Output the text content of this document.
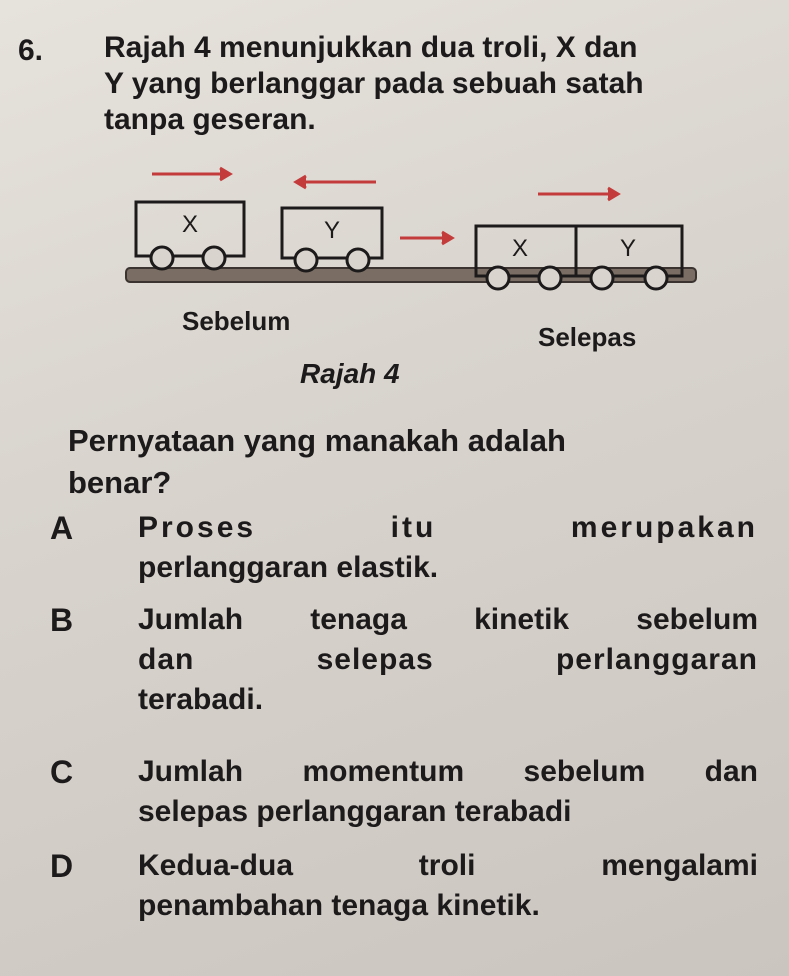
6. Rajah 4 menunjukkan dua troli, X dan

Y yang berlanggar pada sebuah satah

tanpa geseran.

X	Y
X	Y
Sebelum
Selepas
Rajah 4
Pernyataan yang manakah adalah
benar?
A Proses itu merupakan
perlanggaran elastik.
B Jumlah tenaga kinetik sebelum
dan selepas perlanggaran
terabadi.
C Jumlah momentum sebelum dan
selepas perlanggaran terabadi
D Kedua-dua troli mengalami
penambahan tenaga kinetik.
